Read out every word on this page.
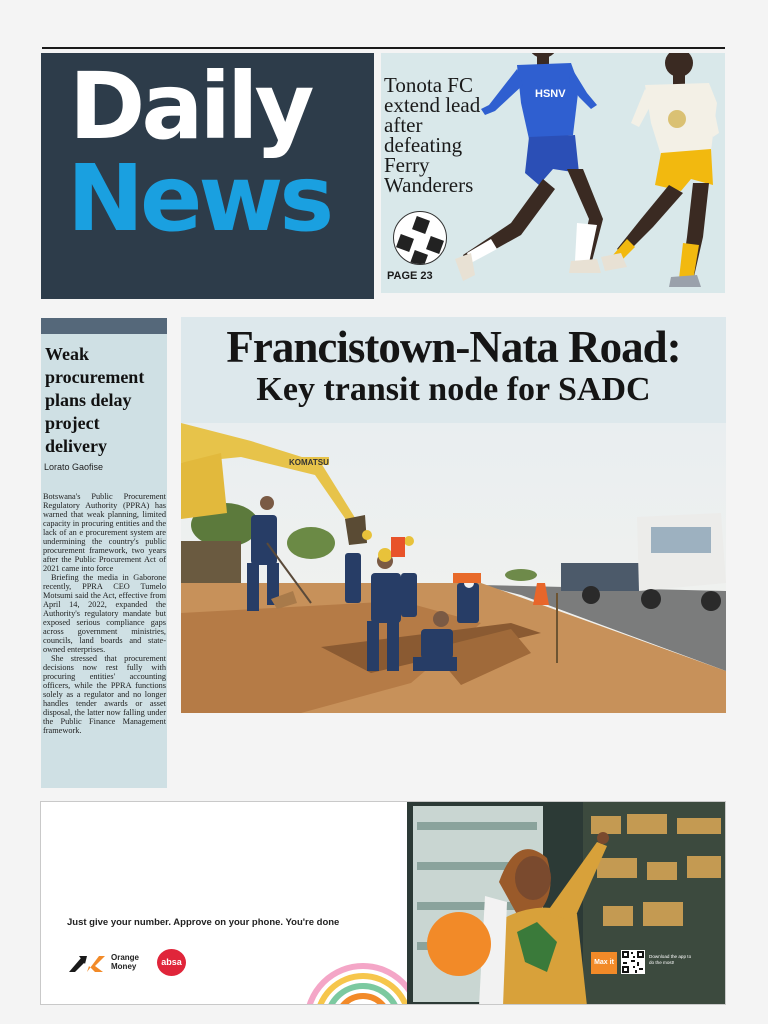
Daily
News
Tonota FC extend lead after defeating Ferry Wanderers
HSNV
PAGE 23
Weak procurement plans delay project delivery
Lorato Gaofise

Botswana's Public Procurement Regulatory Authority (PPRA) has warned that weak planning, limited capacity in procuring entities and the lack of an e procurement system are undermining the country's public procurement framework, two years after the Public Procurement Act of 2021 came into force

Briefing the media in Gaborone recently, PPRA CEO Tumelo Motsumi said the Act, effective from April 14, 2022, expanded the Authority's regulatory mandate but exposed serious compliance gaps across government ministries, councils, land boards and state-owned enterprises.

She stressed that procurement decisions now rest fully with procuring entities' accounting officers, while the PPRA functions solely as a regulator and no longer handles tender awards or asset disposal, the latter now falling under the Public Finance Management framework.

Francistown-Nata Road:
Key transit node for SADC
KOMATSU
Just give your number. Approve on your phone. You're done
Orange Money	absa	Max it
Download the app to do the most!
